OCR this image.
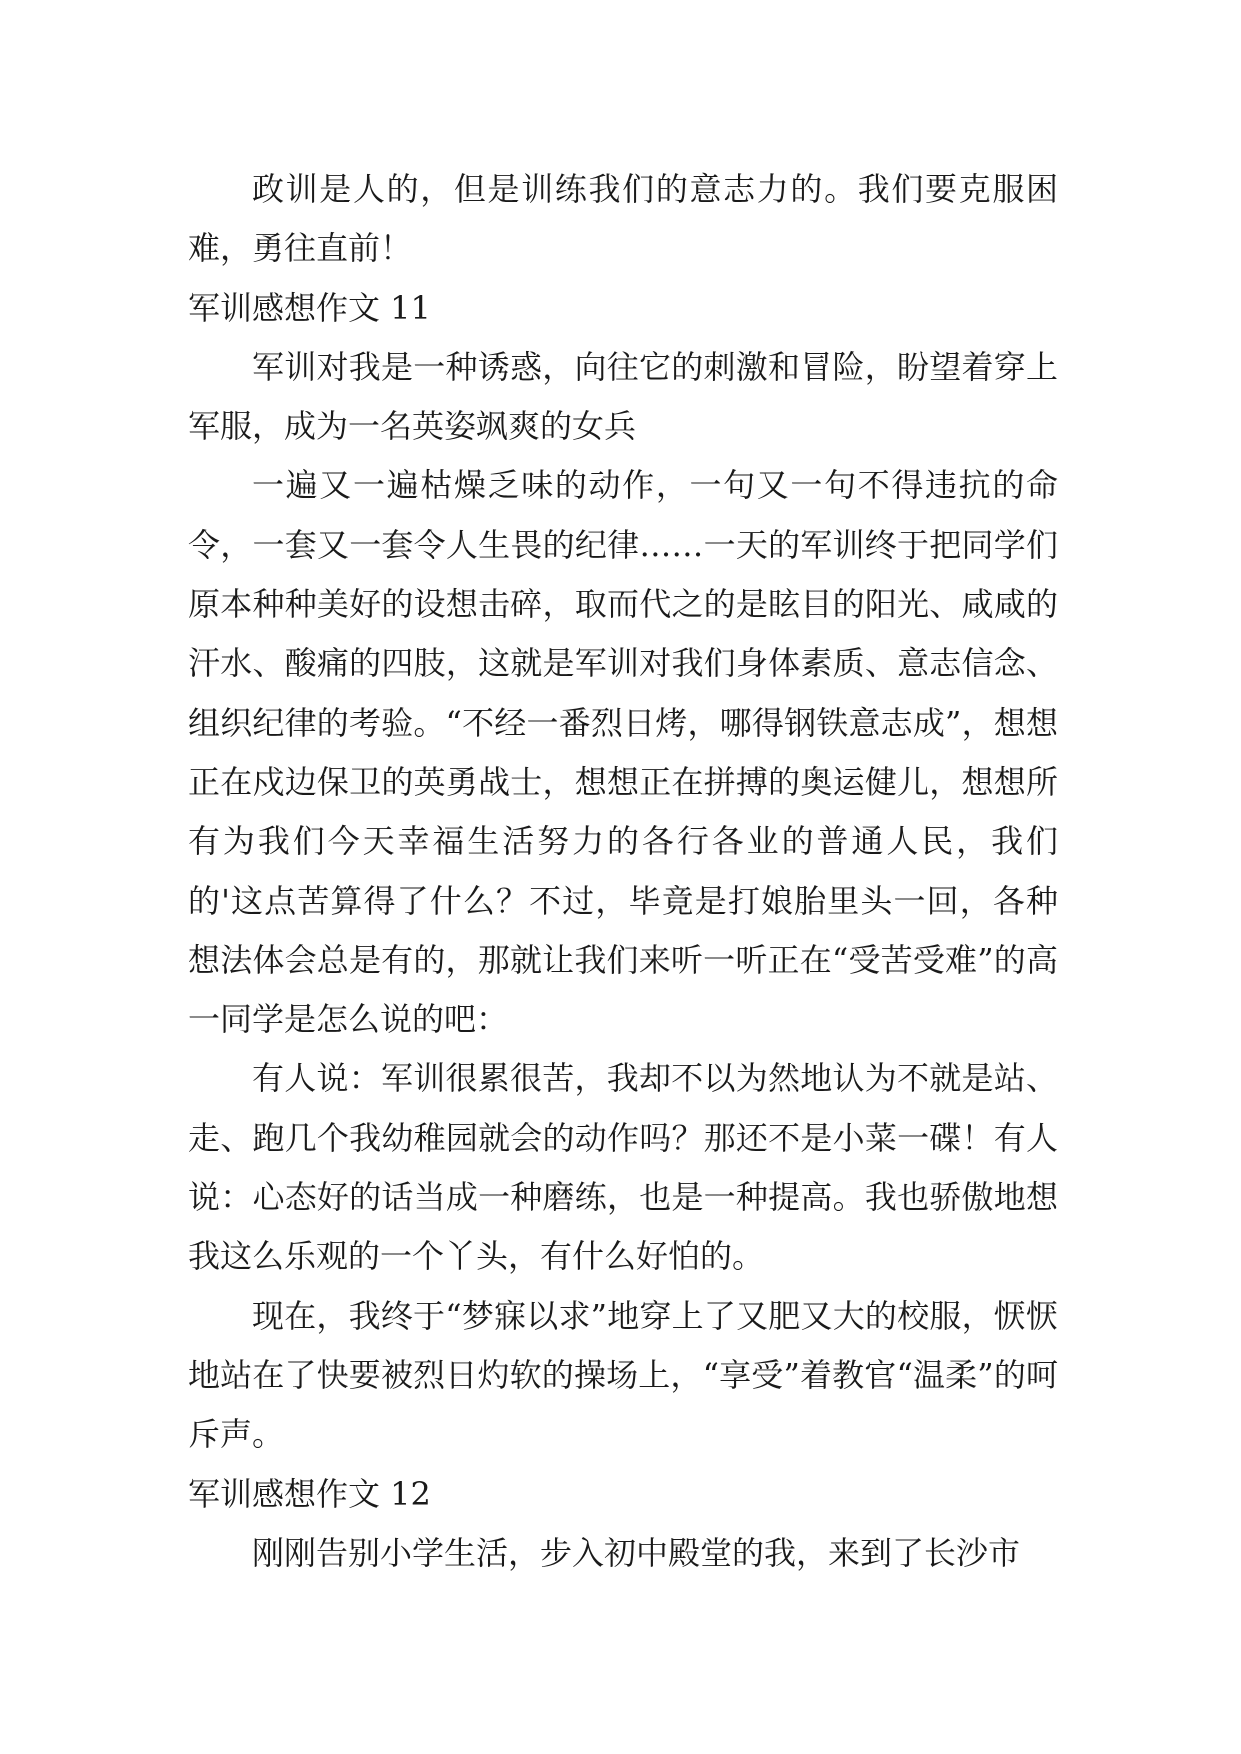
政训是人的，但是训练我们的意志力的。我们要克服困难，勇往直前！

军训感想作文 11

军训对我是一种诱惑，向往它的刺激和冒险，盼望着穿上军服，成为一名英姿飒爽的女兵

一遍又一遍枯燥乏味的动作，一句又一句不得违抗的命令，一套又一套令人生畏的纪律……一天的军训终于把同学们原本种种美好的设想击碎，取而代之的是眩目的阳光、咸咸的汗水、酸痛的四肢，这就是军训对我们身体素质、意志信念、组织纪律的考验。“不经一番烈日烤，哪得钢铁意志成”，想想正在戍边保卫的英勇战士，想想正在拼搏的奥运健儿，想想所有为我们今天幸福生活努力的各行各业的普通人民，我们的'这点苦算得了什么？不过，毕竟是打娘胎里头一回，各种想法体会总是有的，那就让我们来听一听正在“受苦受难”的高一同学是怎么说的吧：

有人说：军训很累很苦，我却不以为然地认为不就是站、走、跑几个我幼稚园就会的动作吗？那还不是小菜一碟！有人说：心态好的话当成一种磨练，也是一种提高。我也骄傲地想我这么乐观的一个丫头，有什么好怕的。

现在，我终于“梦寐以求”地穿上了又肥又大的校服，恹恹地站在了快要被烈日灼软的操场上，“享受”着教官“温柔”的呵斥声。

军训感想作文 12

刚刚告别小学生活，步入初中殿堂的我，来到了长沙市
